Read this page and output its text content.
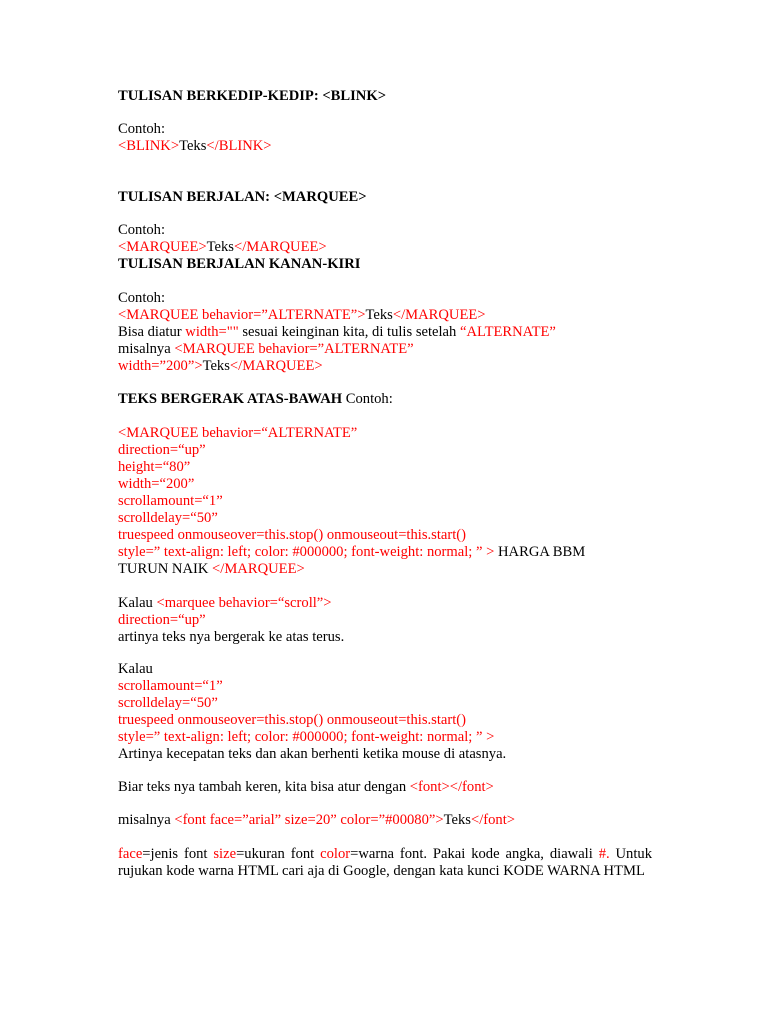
TULISAN BERKEDIP-KEDIP: <BLINK>
Contoh:
<BLINK>Teks</BLINK>
TULISAN BERJALAN: <MARQUEE>
Contoh:
<MARQUEE>Teks</MARQUEE>
TULISAN BERJALAN KANAN-KIRI
Contoh:
<MARQUEE behavior=”ALTERNATE”>Teks</MARQUEE>
Bisa diatur width="" sesuai keinginan kita, di tulis setelah “ALTERNATE”
misalnya <MARQUEE behavior=”ALTERNATE”
width=”200”>Teks</MARQUEE>
TEKS BERGERAK ATAS-BAWAH Contoh:
<MARQUEE behavior=“ALTERNATE”
direction=“up”
height=“80”
width=“200”
scrollamount=“1”
scrolldelay=“50”
truespeed onmouseover=this.stop() onmouseout=this.start()
style=” text-align: left; color: #000000; font-weight: normal; ” > HARGA BBM
TURUN NAIK </MARQUEE>
Kalau <marquee behavior=“scroll”>
direction=“up”
artinya teks nya bergerak ke atas terus.
Kalau
scrollamount=“1”
scrolldelay=“50”
truespeed onmouseover=this.stop() onmouseout=this.start()
style=” text-align: left; color: #000000; font-weight: normal; ” >
Artinya kecepatan teks dan akan berhenti ketika mouse di atasnya.
Biar teks nya tambah keren, kita bisa atur dengan <font></font>
misalnya <font face=”arial” size=20” color=”#00080”>Teks</font>
face=jenis font size=ukuran font color=warna font. Pakai kode angka, diawali #. Untuk rujukan kode warna HTML cari aja di Google, dengan kata kunci KODE WARNA HTML
